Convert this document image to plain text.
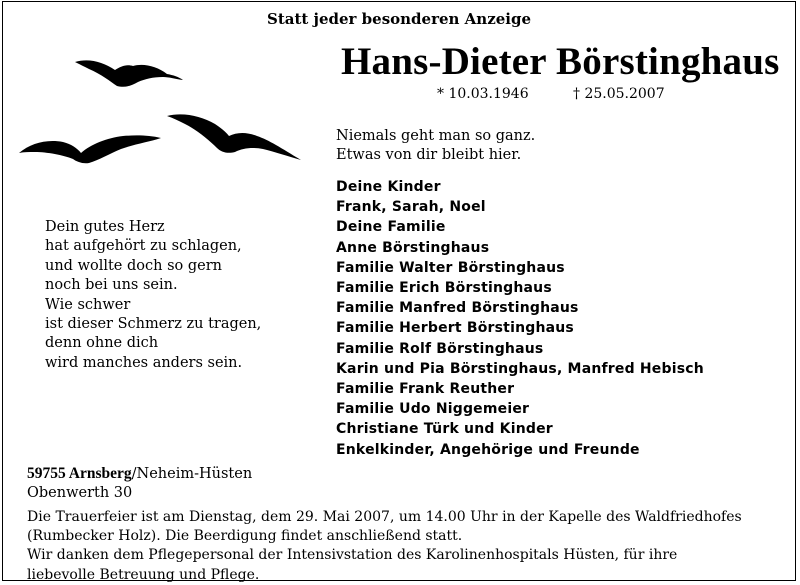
Statt jeder besonderen Anzeige
Hans-Dieter Börstinghaus
* 10.03.1946	† 25.05.2007
Niemals geht man so ganz.
Etwas von dir bleibt hier.
Dein gutes Herz
hat aufgehört zu schlagen,
und wollte doch so gern
noch bei uns sein.
Wie schwer
ist dieser Schmerz zu tragen,
denn ohne dich
wird manches anders sein.
Deine Kinder
Frank, Sarah, Noel
Deine Familie
Anne Börstinghaus
Familie Walter Börstinghaus
Familie Erich Börstinghaus
Familie Manfred Börstinghaus
Familie Herbert Börstinghaus
Familie Rolf Börstinghaus
Karin und Pia Börstinghaus, Manfred Hebisch
Familie Frank Reuther
Familie Udo Niggemeier
Christiane Türk und Kinder
Enkelkinder, Angehörige und Freunde
59755 Arnsberg/Neheim-Hüsten
Obenwerth 30
Die Trauerfeier ist am Dienstag, dem 29. Mai 2007, um 14.00 Uhr in der Kapelle des Waldfriedhofes
(Rumbecker Holz). Die Beerdigung findet anschließend statt.
Wir danken dem Pflegepersonal der Intensivstation des Karolinenhospitals Hüsten, für ihre
liebevolle Betreuung und Pflege.
